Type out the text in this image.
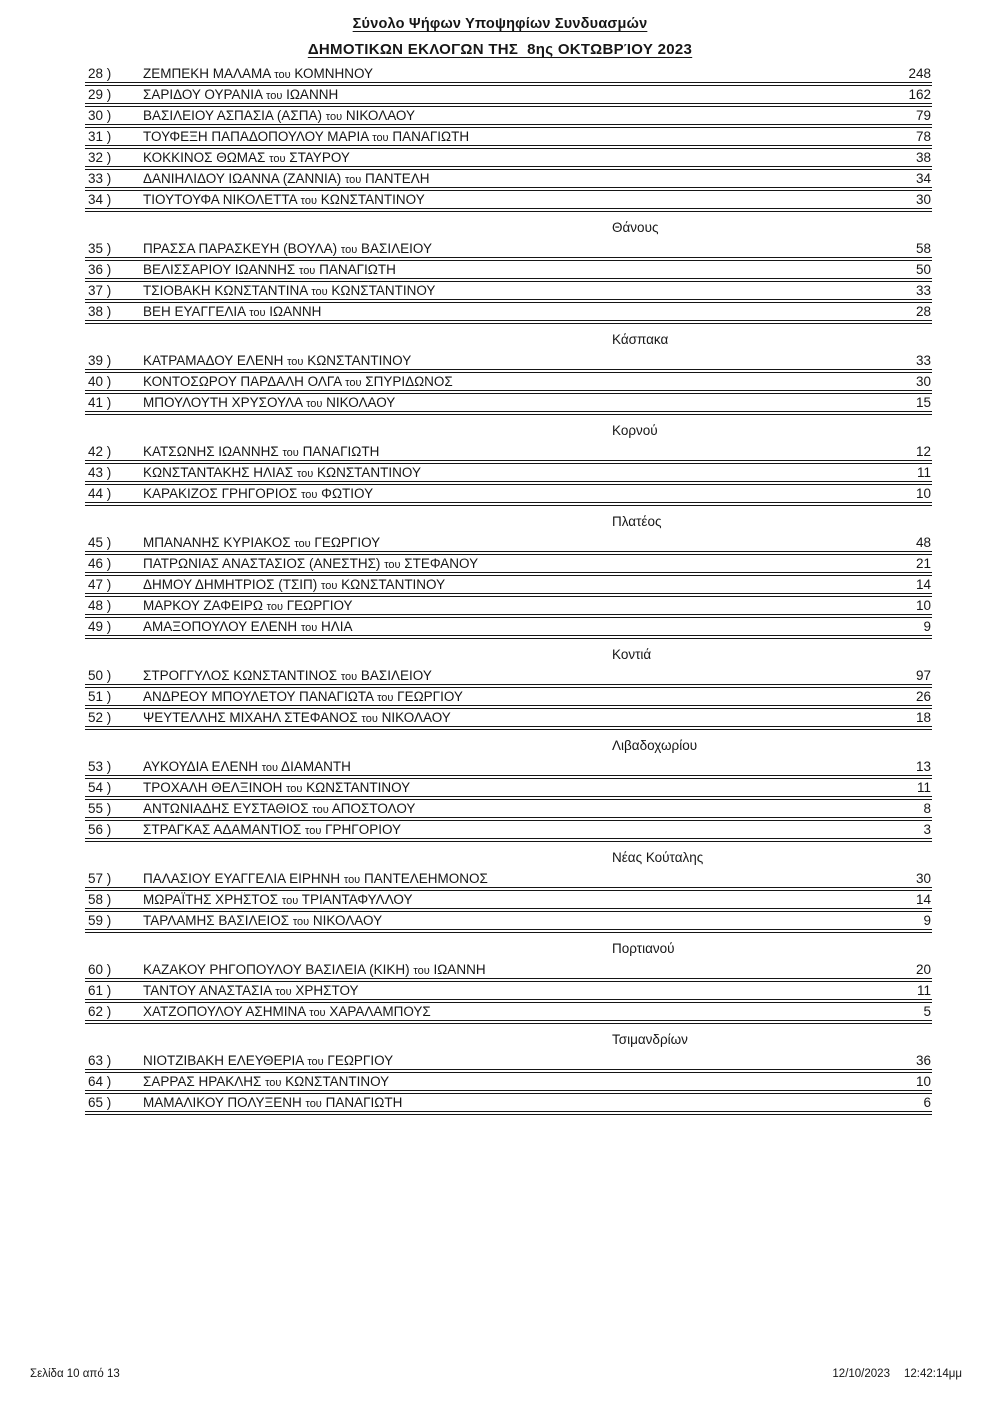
Σύνολο Ψήφων Υποψηφίων Συνδυασμών
ΔΗΜΟΤΙΚΩΝ ΕΚΛΟΓΩΝ ΤΗΣ  8ης ΟΚΤΩΒΡΊΟΥ 2023
28 )	ΖΕΜΠΕΚΗ ΜΑΛΑΜΑ του ΚΟΜΝΗΝΟΥ	248
29 )	ΣΑΡΙΔΟΥ ΟΥΡΑΝΙΑ του ΙΩΑΝΝΗ	162
30 )	ΒΑΣΙΛΕΙΟΥ ΑΣΠΑΣΙΑ (ΑΣΠΑ) του ΝΙΚΟΛΑΟΥ	79
31 )	ΤΟΥΦΕΞΗ ΠΑΠΑΔΟΠΟΥΛΟΥ ΜΑΡΙΑ του ΠΑΝΑΓΙΩΤΗ	78
32 )	ΚΟΚΚΙΝΟΣ ΘΩΜΑΣ του ΣΤΑΥΡΟΥ	38
33 )	ΔΑΝΙΗΛΙΔΟΥ ΙΩΑΝΝΑ (ΖΑΝΝΙΑ) του ΠΑΝΤΕΛΗ	34
34 )	ΤΙΟΥΤΟΥΦΑ ΝΙΚΟΛΕΤΤΑ του ΚΩΝΣΤΑΝΤΙΝΟΥ	30
Θάνους
35 )	ΠΡΑΣΣΑ ΠΑΡΑΣΚΕΥΗ (ΒΟΥΛΑ) του ΒΑΣΙΛΕΙΟΥ	58
36 )	ΒΕΛΙΣΣΑΡΙΟΥ ΙΩΑΝΝΗΣ του ΠΑΝΑΓΙΩΤΗ	50
37 )	ΤΣΙΟΒΑΚΗ ΚΩΝΣΤΑΝΤΙΝΑ του ΚΩΝΣΤΑΝΤΙΝΟΥ	33
38 )	ΒΕΗ ΕΥΑΓΓΕΛΙΑ του ΙΩΑΝΝΗ	28
Κάσπακα
39 )	ΚΑΤΡΑΜΑΔΟΥ ΕΛΕΝΗ του ΚΩΝΣΤΑΝΤΙΝΟΥ	33
40 )	ΚΟΝΤΟΣΩΡΟΥ ΠΑΡΔΑΛΗ ΟΛΓΑ του ΣΠΥΡΙΔΩΝΟΣ	30
41 )	ΜΠΟΥΛΟΥΤΗ ΧΡΥΣΟΥΛΑ του ΝΙΚΟΛΑΟΥ	15
Κορνού
42 )	ΚΑΤΣΩΝΗΣ ΙΩΑΝΝΗΣ του ΠΑΝΑΓΙΩΤΗ	12
43 )	ΚΩΝΣΤΑΝΤΑΚΗΣ ΗΛΙΑΣ του ΚΩΝΣΤΑΝΤΙΝΟΥ	11
44 )	ΚΑΡΑΚΙΖΟΣ ΓΡΗΓΟΡΙΟΣ του ΦΩΤΙΟΥ	10
Πλατέος
45 )	ΜΠΑΝΑΝΗΣ ΚΥΡΙΑΚΟΣ του ΓΕΩΡΓΙΟΥ	48
46 )	ΠΑΤΡΩΝΙΑΣ ΑΝΑΣΤΑΣΙΟΣ (ΑΝΕΣΤΗΣ) του ΣΤΕΦΑΝΟΥ	21
47 )	ΔΗΜΟΥ ΔΗΜΗΤΡΙΟΣ (ΤΣΙΠ) του ΚΩΝΣΤΑΝΤΙΝΟΥ	14
48 )	ΜΑΡΚΟΥ ΖΑΦΕΙΡΩ του ΓΕΩΡΓΙΟΥ	10
49 )	ΑΜΑΞΟΠΟΥΛΟΥ ΕΛΕΝΗ του ΗΛΙΑ	9
Κοντιά
50 )	ΣΤΡΟΓΓΥΛΟΣ ΚΩΝΣΤΑΝΤΙΝΟΣ του ΒΑΣΙΛΕΙΟΥ	97
51 )	ΑΝΔΡΕΟΥ ΜΠΟΥΛΕΤΟΥ ΠΑΝΑΓΙΩΤΑ του ΓΕΩΡΓΙΟΥ	26
52 )	ΨΕΥΤΕΛΛΗΣ ΜΙΧΑΗΛ ΣΤΕΦΑΝΟΣ του ΝΙΚΟΛΑΟΥ	18
Λιβαδοχωρίου
53 )	ΑΥΚΟΥΔΙΑ ΕΛΕΝΗ του ΔΙΑΜΑΝΤΗ	13
54 )	ΤΡΟΧΑΛΗ ΘΕΛΞΙΝΟΗ του ΚΩΝΣΤΑΝΤΙΝΟΥ	11
55 )	ΑΝΤΩΝΙΑΔΗΣ ΕΥΣΤΑΘΙΟΣ του ΑΠΟΣΤΟΛΟΥ	8
56 )	ΣΤΡΑΓΚΑΣ ΑΔΑΜΑΝΤΙΟΣ του ΓΡΗΓΟΡΙΟΥ	3
Νέας Κούταλης
57 )	ΠΑΛΑΣΙΟΥ ΕΥΑΓΓΕΛΙΑ ΕΙΡΗΝΗ του ΠΑΝΤΕΛΕΗΜΟΝΟΣ	30
58 )	ΜΩΡΑΪΤΗΣ ΧΡΗΣΤΟΣ του ΤΡΙΑΝΤΑΦΥΛΛΟΥ	14
59 )	ΤΑΡΛΑΜΗΣ ΒΑΣΙΛΕΙΟΣ του ΝΙΚΟΛΑΟΥ	9
Πορτιανού
60 )	ΚΑΖΑΚΟΥ ΡΗΓΟΠΟΥΛΟΥ ΒΑΣΙΛΕΙΑ (ΚΙΚΗ) του ΙΩΑΝΝΗ	20
61 )	ΤΑΝΤΟΥ ΑΝΑΣΤΑΣΙΑ του ΧΡΗΣΤΟΥ	11
62 )	ΧΑΤΖΟΠΟΥΛΟΥ ΑΣΗΜΙΝΑ του ΧΑΡΑΛΑΜΠΟΥΣ	5
Τσιμανδρίων
63 )	ΝΙΟΤΖΙΒΑΚΗ ΕΛΕΥΘΕΡΙΑ του ΓΕΩΡΓΙΟΥ	36
64 )	ΣΑΡΡΑΣ ΗΡΑΚΛΗΣ του ΚΩΝΣΤΑΝΤΙΝΟΥ	10
65 )	ΜΑΜΑΛΙΚΟΥ ΠΟΛΥΞΕΝΗ του ΠΑΝΑΓΙΩΤΗ	6
Σελίδα 10 από 13	12/10/2023 12:42:14μμ
